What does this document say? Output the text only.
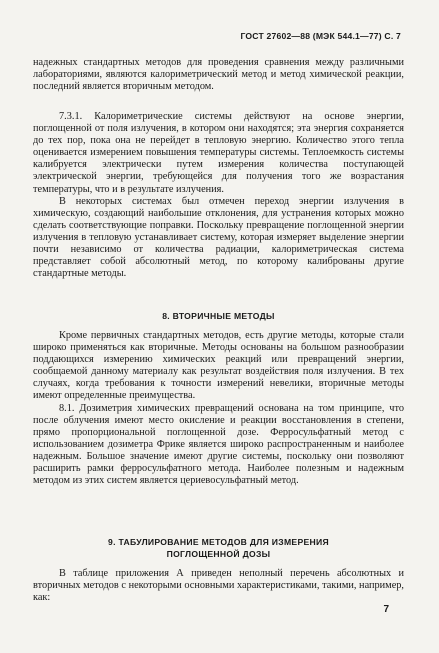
ГОСТ 27602—88 (МЭК 544.1—77) С. 7

надежных стандартных методов для проведения сравнения между различными лабораториями, являются калориметрический метод и метод химической реакции, последний является вторичным методом.

7.3.1. Калориметрические системы действуют на основе энергии, поглощенной от поля излучения, в котором они находятся; эта энергия сохраняется до тех пор, пока она не перейдет в тепловую энергию. Количество этого тепла оценивается измерением повышения температуры системы. Теплоемкость системы калибруется электрически путем измерения количества поступающей электрической энергии, требующейся для получения того же возрастания температуры, что и в результате излучения.

В некоторых системах был отмечен переход энергии излучения в химическую, создающий наибольшие отклонения, для устранения которых можно сделать соответствующие поправки. Поскольку превращение поглощенной энергии излучения в тепловую устанавливает систему, которая измеряет выделение энергии почти независимо от количества радиации, калориметрическая система представляет собой абсолютный метод, по которому калиброваны другие стандартные методы.

8. ВТОРИЧНЫЕ МЕТОДЫ

Кроме первичных стандартных методов, есть другие методы, которые стали широко применяться как вторичные. Методы основаны на большом разнообразии поддающихся измерению химических реакций или превращений энергии, сообщаемой данному материалу как результат воздействия поля излучения. В тех случаях, когда требования к точности измерений невелики, вторичные методы имеют определенные преимущества.

8.1. Дозиметрия химических превращений основана на том принципе, что после облучения имеют место окисление и реакции восстановления в степени, прямо пропорциональной поглощенной дозе. Ферросульфатный метод с использованием дозиметра Фрике является широко распространенным и наиболее надежным. Большое значение имеют другие системы, поскольку они позволяют расширить рамки ферросульфатного метода. Наиболее полезным и надежным методом из этих систем является цериевосульфатный метод.

9. ТАБУЛИРОВАНИЕ МЕТОДОВ ДЛЯ ИЗМЕРЕНИЯ
ПОГЛОЩЕННОЙ ДОЗЫ

В таблице приложения А приведен неполный перечень абсолютных и вторичных методов с некоторыми основными характеристиками, такими, например, как:

7
